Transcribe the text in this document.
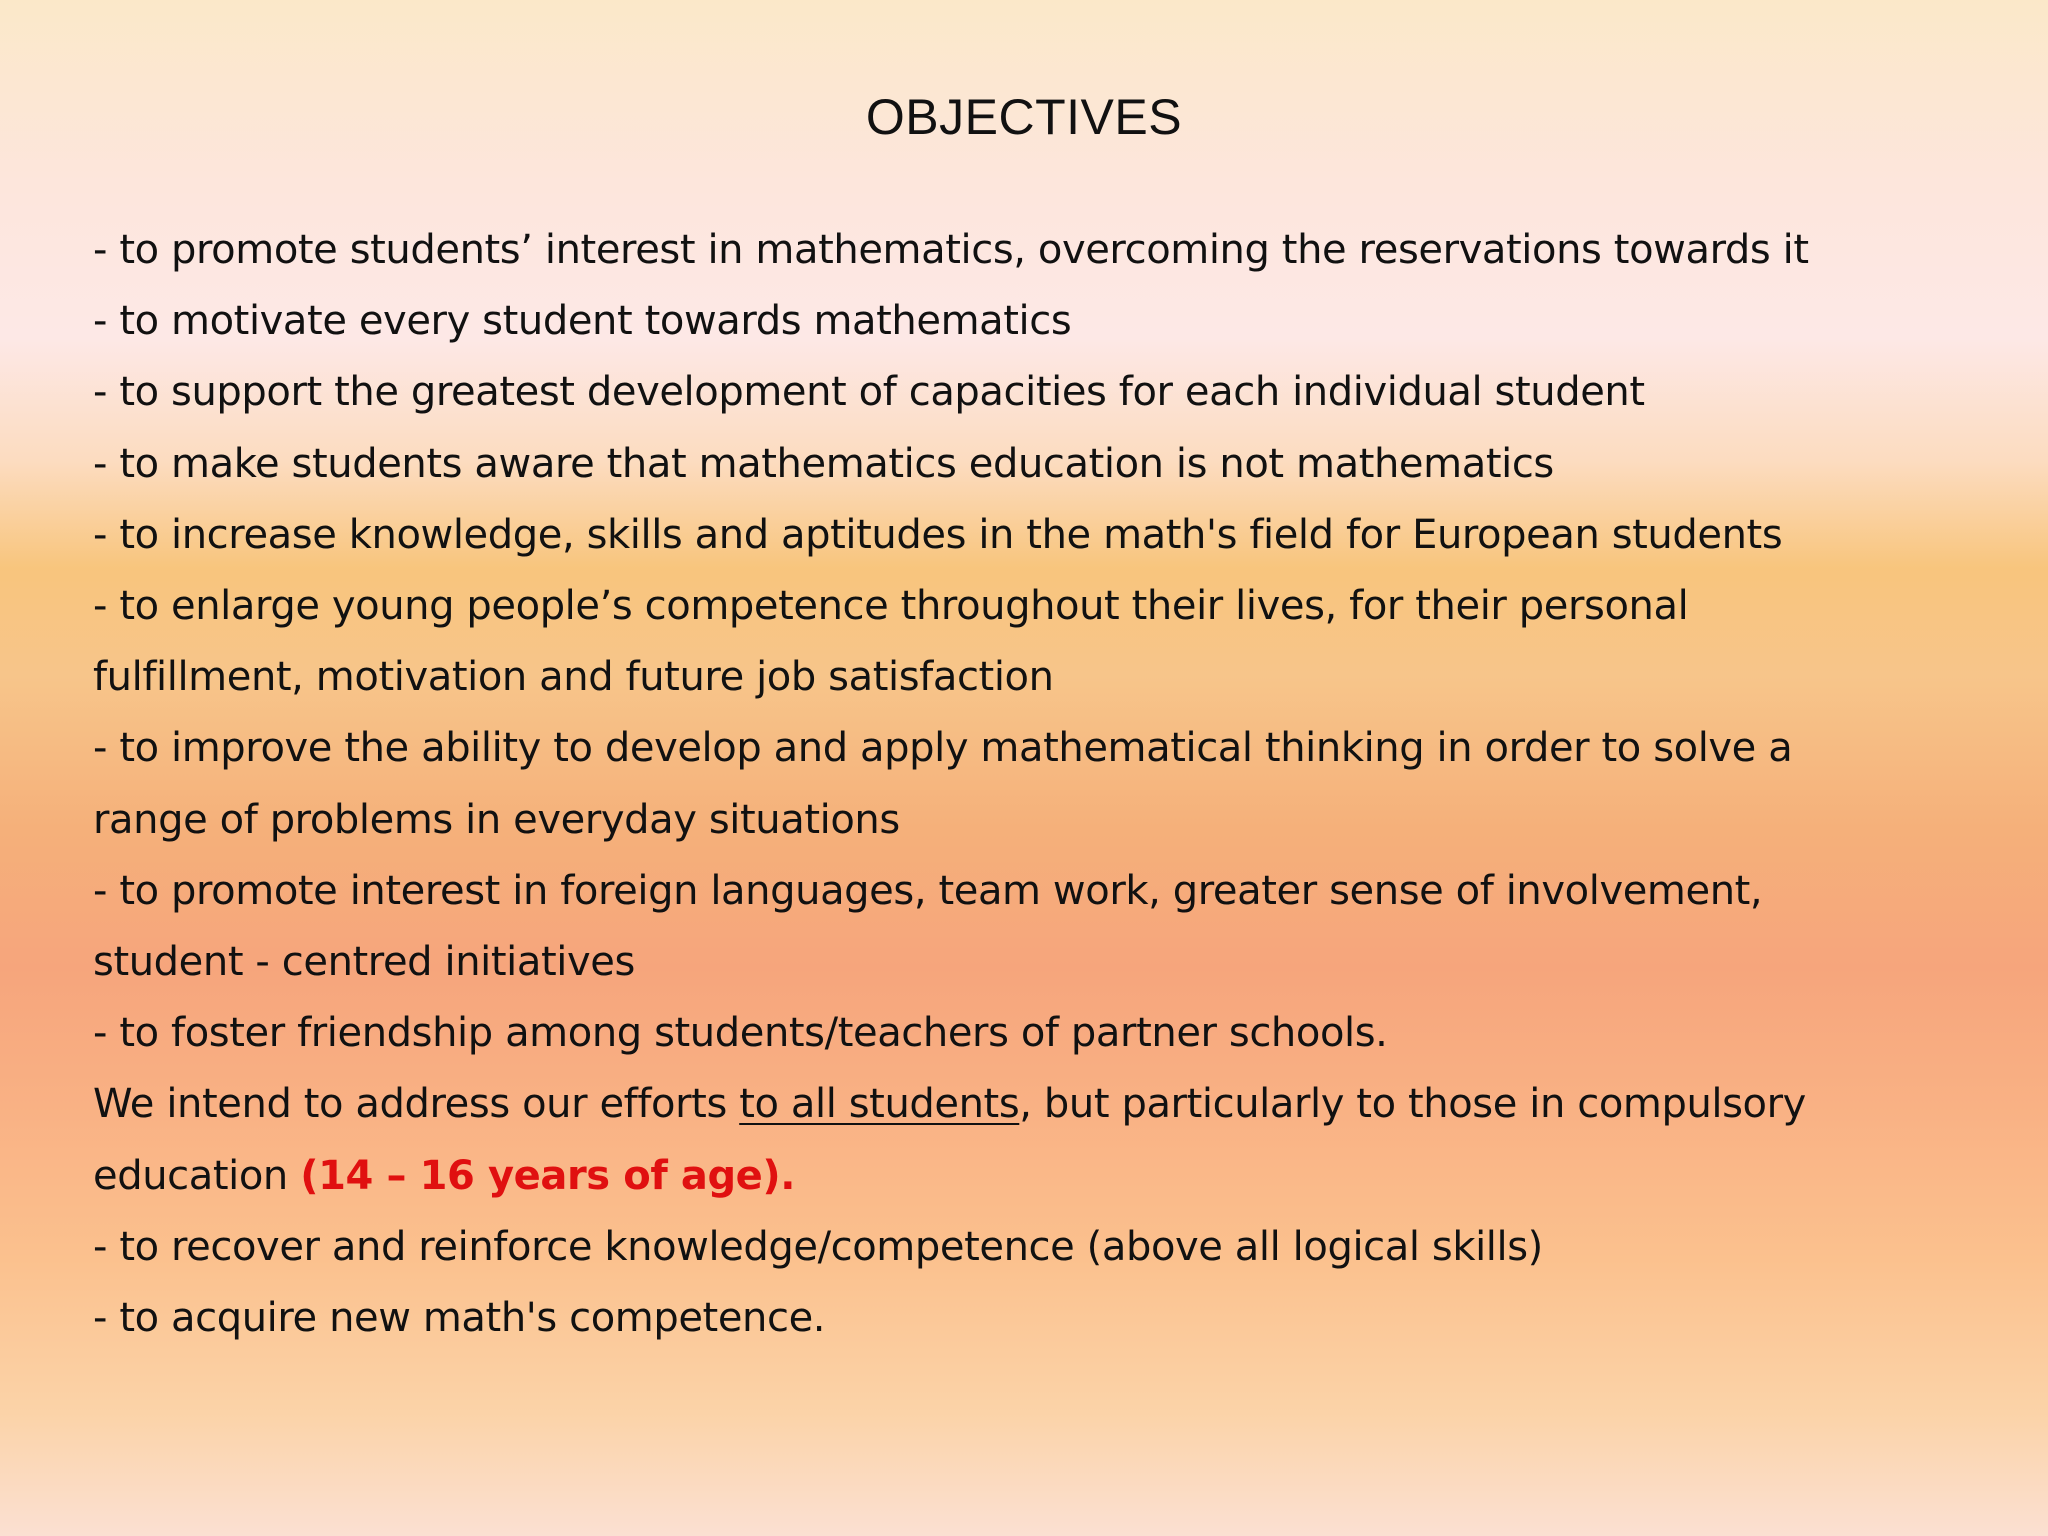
OBJECTIVES
- to promote students’ interest in mathematics, overcoming the reservations towards it
- to motivate every student towards mathematics
- to support the greatest development of capacities for each individual student
- to make students aware that mathematics education is not mathematics
- to increase knowledge, skills and aptitudes in the math's field for European students
- to enlarge young people’s competence throughout their lives, for their personal
fulfillment, motivation and future job satisfaction
- to improve the ability to develop and apply mathematical thinking in order to solve a
range of problems in everyday situations
- to promote interest in foreign languages, team work, greater sense of involvement,
student - centred initiatives
- to foster friendship among students/teachers of partner schools.
We intend to address our efforts to all students, but particularly to those in compulsory
education (14 – 16 years of age).
- to recover and reinforce knowledge/competence (above all logical skills)
- to acquire new math's competence.
